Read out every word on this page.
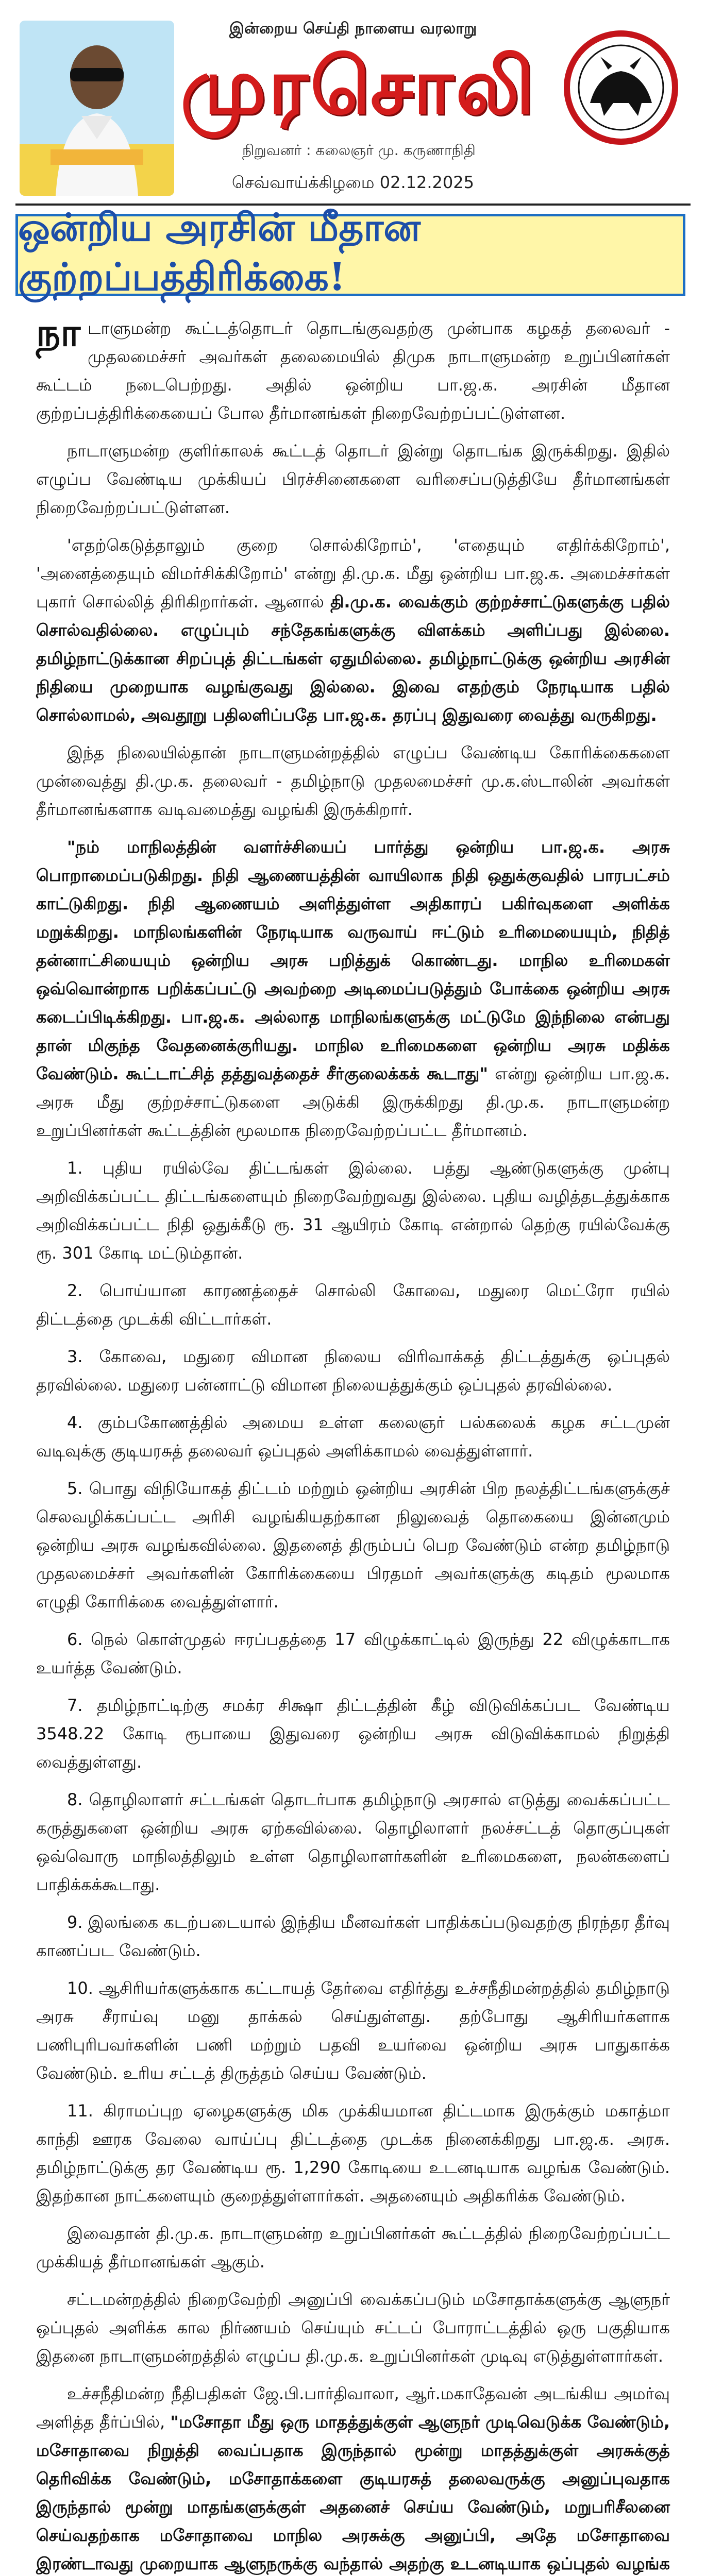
இன்றைய செய்தி நாளைய வரலாறு
முரசொலி
நிறுவனர் : கலைஞர் மு. கருணாநிதி
செவ்வாய்க்கிழமை 02.12.2025
ஒன்றிய அரசின் மீதான குற்றப்பத்திரிக்கை!

நாடாளுமன்ற கூட்டத்தொடர் தொடங்குவதற்கு முன்பாக கழகத் தலைவர் - முதலமைச்சர் அவர்கள் தலைமையில் திமுக நாடாளுமன்ற உறுப்பினர்கள் கூட்டம் நடைபெற்றது. அதில் ஒன்றிய பா.ஜ.க. அரசின் மீதான குற்றப்பத்திரிக்கையைப் போல தீர்மானங்கள் நிறைவேற்றப்பட்டுள்ளன.

நாடாளுமன்ற குளிர்காலக் கூட்டத் தொடர் இன்று தொடங்க இருக்கிறது. இதில் எழுப்ப வேண்டிய முக்கியப் பிரச்சினைகளை வரிசைப்படுத்தியே தீர்மானங்கள் நிறைவேற்றப்பட்டுள்ளன.

'எதற்கெடுத்தாலும் குறை சொல்கிறோம்', 'எதையும் எதிர்க்கிறோம்', 'அனைத்தையும் விமர்சிக்கிறோம்' என்று தி.மு.க. மீது ஒன்றிய பா.ஜ.க. அமைச்சர்கள் புகார் சொல்லித் திரிகிறார்கள். ஆனால் தி.மு.க. வைக்கும் குற்றச்சாட்டுகளுக்கு பதில் சொல்வதில்லை. எழுப்பும் சந்தேகங்களுக்கு விளக்கம் அளிப்பது இல்லை. தமிழ்நாட்டுக்கான சிறப்புத் திட்டங்கள் ஏதுமில்லை. தமிழ்நாட்டுக்கு ஒன்றிய அரசின் நிதியை முறையாக வழங்குவது இல்லை. இவை எதற்கும் நேரடியாக பதில் சொல்லாமல், அவதூறு பதிலளிப்பதே பா.ஜ.க. தரப்பு இதுவரை வைத்து வருகிறது.

இந்த நிலையில்தான் நாடாளுமன்றத்தில் எழுப்ப வேண்டிய கோரிக்கைகளை முன்வைத்து தி.மு.க. தலைவர் - தமிழ்நாடு முதலமைச்சர் மு.க.ஸ்டாலின் அவர்கள் தீர்மானங்களாக வடிவமைத்து வழங்கி இருக்கிறார்.

"நம் மாநிலத்தின் வளர்ச்சியைப் பார்த்து ஒன்றிய பா.ஜ.க. அரசு பொறாமைப்படுகிறது. நிதி ஆணையத்தின் வாயிலாக நிதி ஒதுக்குவதில் பாரபட்சம் காட்டுகிறது. நிதி ஆணையம் அளித்துள்ள அதிகாரப் பகிர்வுகளை அளிக்க மறுக்கிறது. மாநிலங்களின் நேரடியாக வருவாய் ஈட்டும் உரிமையையும், நிதித் தன்னாட்சியையும் ஒன்றிய அரசு பறித்துக் கொண்டது. மாநில உரிமைகள் ஒவ்வொன்றாக பறிக்கப்பட்டு அவற்றை அடிமைப்படுத்தும் போக்கை ஒன்றிய அரசு கடைப்பிடிக்கிறது. பா.ஜ.க. அல்லாத மாநிலங்களுக்கு மட்டுமே இந்நிலை என்பது தான் மிகுந்த வேதனைக்குரியது. மாநில உரிமைகளை ஒன்றிய அரசு மதிக்க வேண்டும். கூட்டாட்சித் தத்துவத்தைச் சீர்குலைக்கக் கூடாது" என்று ஒன்றிய பா.ஜ.க. அரசு மீது குற்றச்சாட்டுகளை அடுக்கி இருக்கிறது தி.மு.க. நாடாளுமன்ற உறுப்பினர்கள் கூட்டத்தின் மூலமாக நிறைவேற்றப்பட்ட தீர்மானம்.

1. புதிய ரயில்வே திட்டங்கள் இல்லை. பத்து ஆண்டுகளுக்கு முன்பு அறிவிக்கப்பட்ட திட்டங்களையும் நிறைவேற்றுவது இல்லை. புதிய வழித்தடத்துக்காக அறிவிக்கப்பட்ட நிதி ஒதுக்கீடு ரூ. 31 ஆயிரம் கோடி என்றால் தெற்கு ரயில்வேக்கு ரூ. 301 கோடி மட்டும்தான்.

2. பொய்யான காரணத்தைச் சொல்லி கோவை, மதுரை மெட்ரோ ரயில் திட்டத்தை முடக்கி விட்டார்கள்.

3. கோவை, மதுரை விமான நிலைய விரிவாக்கத் திட்டத்துக்கு ஒப்புதல் தரவில்லை. மதுரை பன்னாட்டு விமான நிலையத்துக்கும் ஒப்புதல் தரவில்லை.

4. கும்பகோணத்தில் அமைய உள்ள கலைஞர் பல்கலைக் கழக சட்டமுன் வடிவுக்கு குடியரசுத் தலைவர் ஒப்புதல் அளிக்காமல் வைத்துள்ளார்.

5. பொது விநியோகத் திட்டம் மற்றும் ஒன்றிய அரசின் பிற நலத்திட்டங்களுக்குச் செலவழிக்கப்பட்ட அரிசி வழங்கியதற்கான நிலுவைத் தொகையை இன்னமும் ஒன்றிய அரசு வழங்கவில்லை. இதனைத் திரும்பப் பெற வேண்டும் என்ற தமிழ்நாடு முதலமைச்சர் அவர்களின் கோரிக்கையை பிரதமர் அவர்களுக்கு கடிதம் மூலமாக எழுதி கோரிக்கை வைத்துள்ளார்.

6. நெல் கொள்முதல் ஈரப்பதத்தை 17 விழுக்காட்டில் இருந்து 22 விழுக்காடாக உயர்த்த வேண்டும்.

7. தமிழ்நாட்டிற்கு சமக்ர சிக்ஷா திட்டத்தின் கீழ் விடுவிக்கப்பட வேண்டிய 3548.22 கோடி ரூபாயை இதுவரை ஒன்றிய அரசு விடுவிக்காமல் நிறுத்தி வைத்துள்ளது.

8. தொழிலாளர் சட்டங்கள் தொடர்பாக தமிழ்நாடு அரசால் எடுத்து வைக்கப்பட்ட கருத்துகளை ஒன்றிய அரசு ஏற்கவில்லை. தொழிலாளர் நலச்சட்டத் தொகுப்புகள் ஒவ்வொரு மாநிலத்திலும் உள்ள தொழிலாளர்களின் உரிமைகளை, நலன்களைப் பாதிக்கக்கூடாது.

9. இலங்கை கடற்படையால் இந்திய மீனவர்கள் பாதிக்கப்படுவதற்கு நிரந்தர தீர்வு காணப்பட வேண்டும்.

10. ஆசிரியர்களுக்காக கட்டாயத் தேர்வை எதிர்த்து உச்சநீதிமன்றத்தில் தமிழ்நாடு அரசு சீராய்வு மனு தாக்கல் செய்துள்ளது. தற்போது ஆசிரியர்களாக பணிபுரிபவர்களின் பணி மற்றும் பதவி உயர்வை ஒன்றிய அரசு பாதுகாக்க வேண்டும். உரிய சட்டத் திருத்தம் செய்ய வேண்டும்.

11. கிராமப்புற ஏழைகளுக்கு மிக முக்கியமான திட்டமாக இருக்கும் மகாத்மா காந்தி ஊரக வேலை வாய்ப்பு திட்டத்தை முடக்க நினைக்கிறது பா.ஜ.க. அரசு. தமிழ்நாட்டுக்கு தர வேண்டிய ரூ. 1,290 கோடியை உடனடியாக வழங்க வேண்டும். இதற்கான நாட்களையும் குறைத்துள்ளார்கள். அதனையும் அதிகரிக்க வேண்டும்.

இவைதான் தி.மு.க. நாடாளுமன்ற உறுப்பினர்கள் கூட்டத்தில் நிறைவேற்றப்பட்ட முக்கியத் தீர்மானங்கள் ஆகும்.

சட்டமன்றத்தில் நிறைவேற்றி அனுப்பி வைக்கப்படும் மசோதாக்களுக்கு ஆளுநர் ஒப்புதல் அளிக்க கால நிர்ணயம் செய்யும் சட்டப் போராட்டத்தில் ஒரு பகுதியாக இதனை நாடாளுமன்றத்தில் எழுப்ப தி.மு.க. உறுப்பினர்கள் முடிவு எடுத்துள்ளார்கள்.

உச்சநீதிமன்ற நீதிபதிகள் ஜே.பி.பார்திவாலா, ஆர்.மகாதேவன் அடங்கிய அமர்வு அளித்த தீர்ப்பில், "மசோதா மீது ஒரு மாதத்துக்குள் ஆளுநர் முடிவெடுக்க வேண்டும், மசோதாவை நிறுத்தி வைப்பதாக இருந்தால் மூன்று மாதத்துக்குள் அரசுக்குத் தெரிவிக்க வேண்டும், மசோதாக்களை குடியரசுத் தலைவருக்கு அனுப்புவதாக இருந்தால் மூன்று மாதங்களுக்குள் அதனைச் செய்ய வேண்டும், மறுபரிசீலனை செய்வதற்காக மசோதாவை மாநில அரசுக்கு அனுப்பி, அதே மசோதாவை இரண்டாவது முறையாக ஆளுநருக்கு வந்தால் அதற்கு உடனடியாக ஒப்புதல் வழங்க
